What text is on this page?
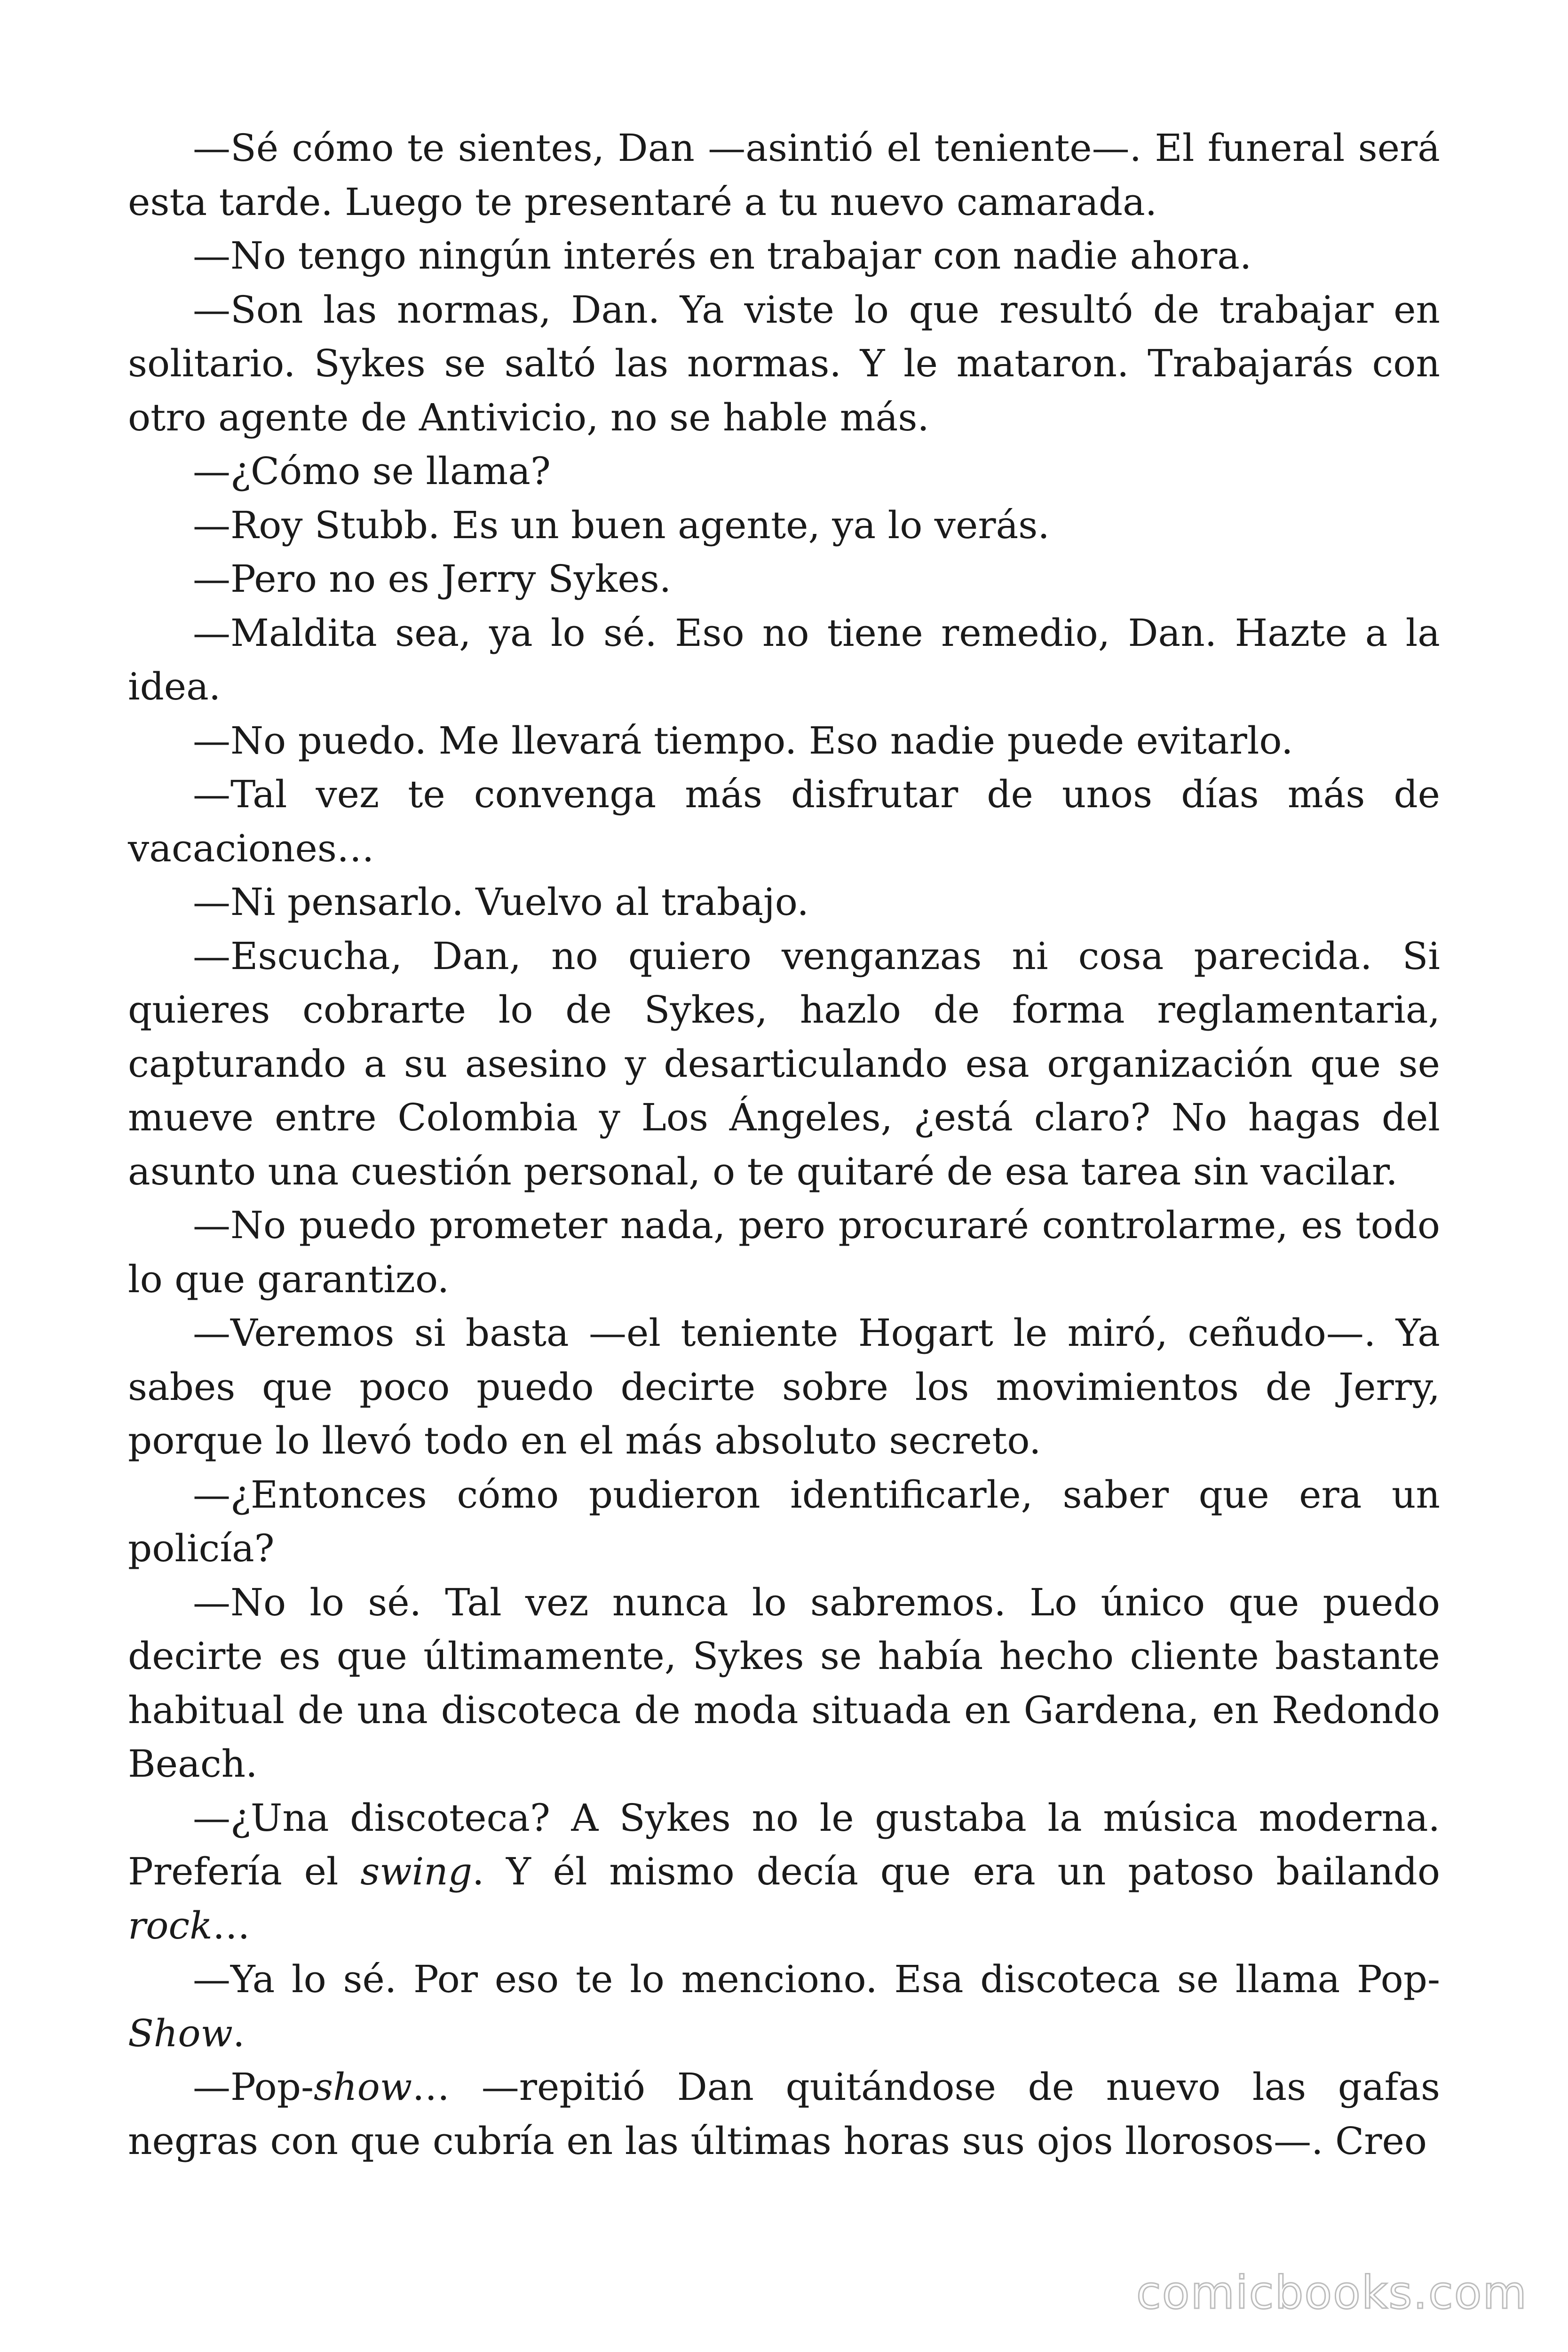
—Sé cómo te sientes, Dan —asintió el teniente—. El funeral será esta tarde. Luego te presentaré a tu nuevo camarada.

—No tengo ningún interés en trabajar con nadie ahora.

—Son las normas, Dan. Ya viste lo que resultó de trabajar en solitario. Sykes se saltó las normas. Y le mataron. Trabajarás con otro agente de Antivicio, no se hable más.

—¿Cómo se llama?

—Roy Stubb. Es un buen agente, ya lo verás.

—Pero no es Jerry Sykes.

—Maldita sea, ya lo sé. Eso no tiene remedio, Dan. Hazte a la idea.

—No puedo. Me llevará tiempo. Eso nadie puede evitarlo.

—Tal vez te convenga más disfrutar de unos días más de vacaciones…

—Ni pensarlo. Vuelvo al trabajo.

—Escucha, Dan, no quiero venganzas ni cosa parecida. Si quieres cobrarte lo de Sykes, hazlo de forma reglamentaria, capturando a su asesino y desarticulando esa organización que se mueve entre Colombia y Los Ángeles, ¿está claro? No hagas del asunto una cuestión personal, o te quitaré de esa tarea sin vacilar.

—No puedo prometer nada, pero procuraré controlarme, es todo lo que garantizo.

—Veremos si basta —el teniente Hogart le miró, ceñudo—. Ya sabes que poco puedo decirte sobre los movimientos de Jerry, porque lo llevó todo en el más absoluto secreto.

—¿Entonces cómo pudieron identificarle, saber que era un policía?

—No lo sé. Tal vez nunca lo sabremos. Lo único que puedo decirte es que últimamente, Sykes se había hecho cliente bastante habitual de una discoteca de moda situada en Gardena, en Redondo Beach.

—¿Una discoteca? A Sykes no le gustaba la música moderna. Prefería el swing. Y él mismo decía que era un patoso bailando rock…

—Ya lo sé. Por eso te lo menciono. Esa discoteca se llama Pop-Show.

—Pop-show… —repitió Dan quitándose de nuevo las gafas negras con que cubría en las últimas horas sus ojos llorosos—. Creo

comicbooks.com
